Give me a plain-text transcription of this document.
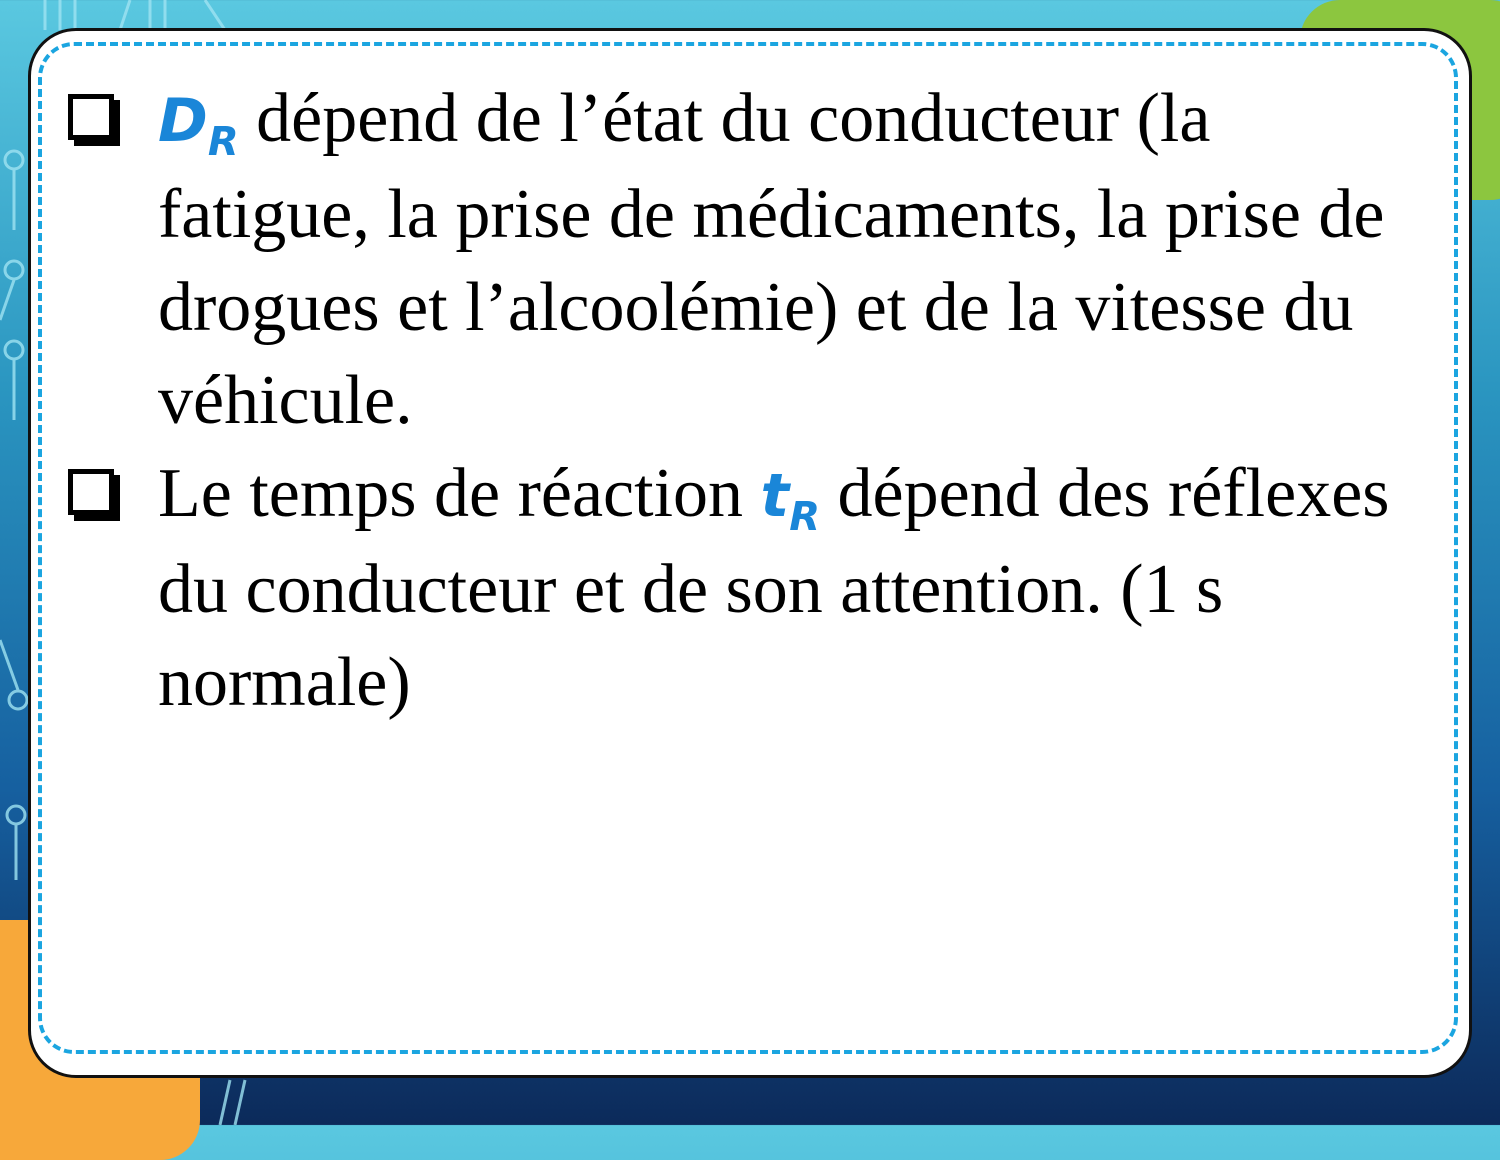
$D_R$ dépend de l’état du conducteur (la fatigue, la prise de médicaments, la prise de drogues et l’alcoolémie) et de la vitesse du véhicule.
Le temps de réaction $t_R$ dépend des réflexes du conducteur et de son attention. (1 s normale)
